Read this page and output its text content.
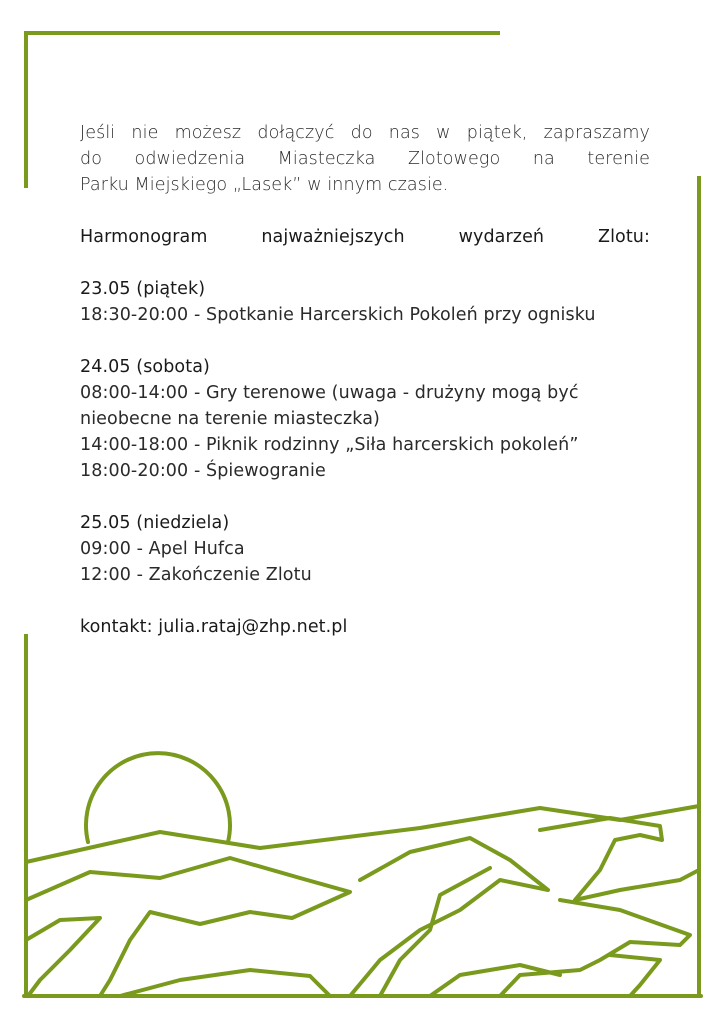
Jeśli nie możesz dołączyć do nas w piątek, zapraszamy
do odwiedzenia Miasteczka Zlotowego na terenie
Parku Miejskiego „Lasek” w innym czasie.
Harmonogram najważniejszych wydarzeń Zlotu:
23.05 (piątek)
18:30-20:00 - Spotkanie Harcerskich Pokoleń przy ognisku
24.05 (sobota)
08:00-14:00 - Gry terenowe (uwaga - drużyny mogą być
nieobecne na terenie miasteczka)
14:00-18:00 - Piknik rodzinny „Siła harcerskich pokoleń”
18:00-20:00 - Śpiewogranie
25.05 (niedziela)
09:00 - Apel Hufca
12:00 - Zakończenie Zlotu
kontakt: julia.rataj@zhp.net.pl
